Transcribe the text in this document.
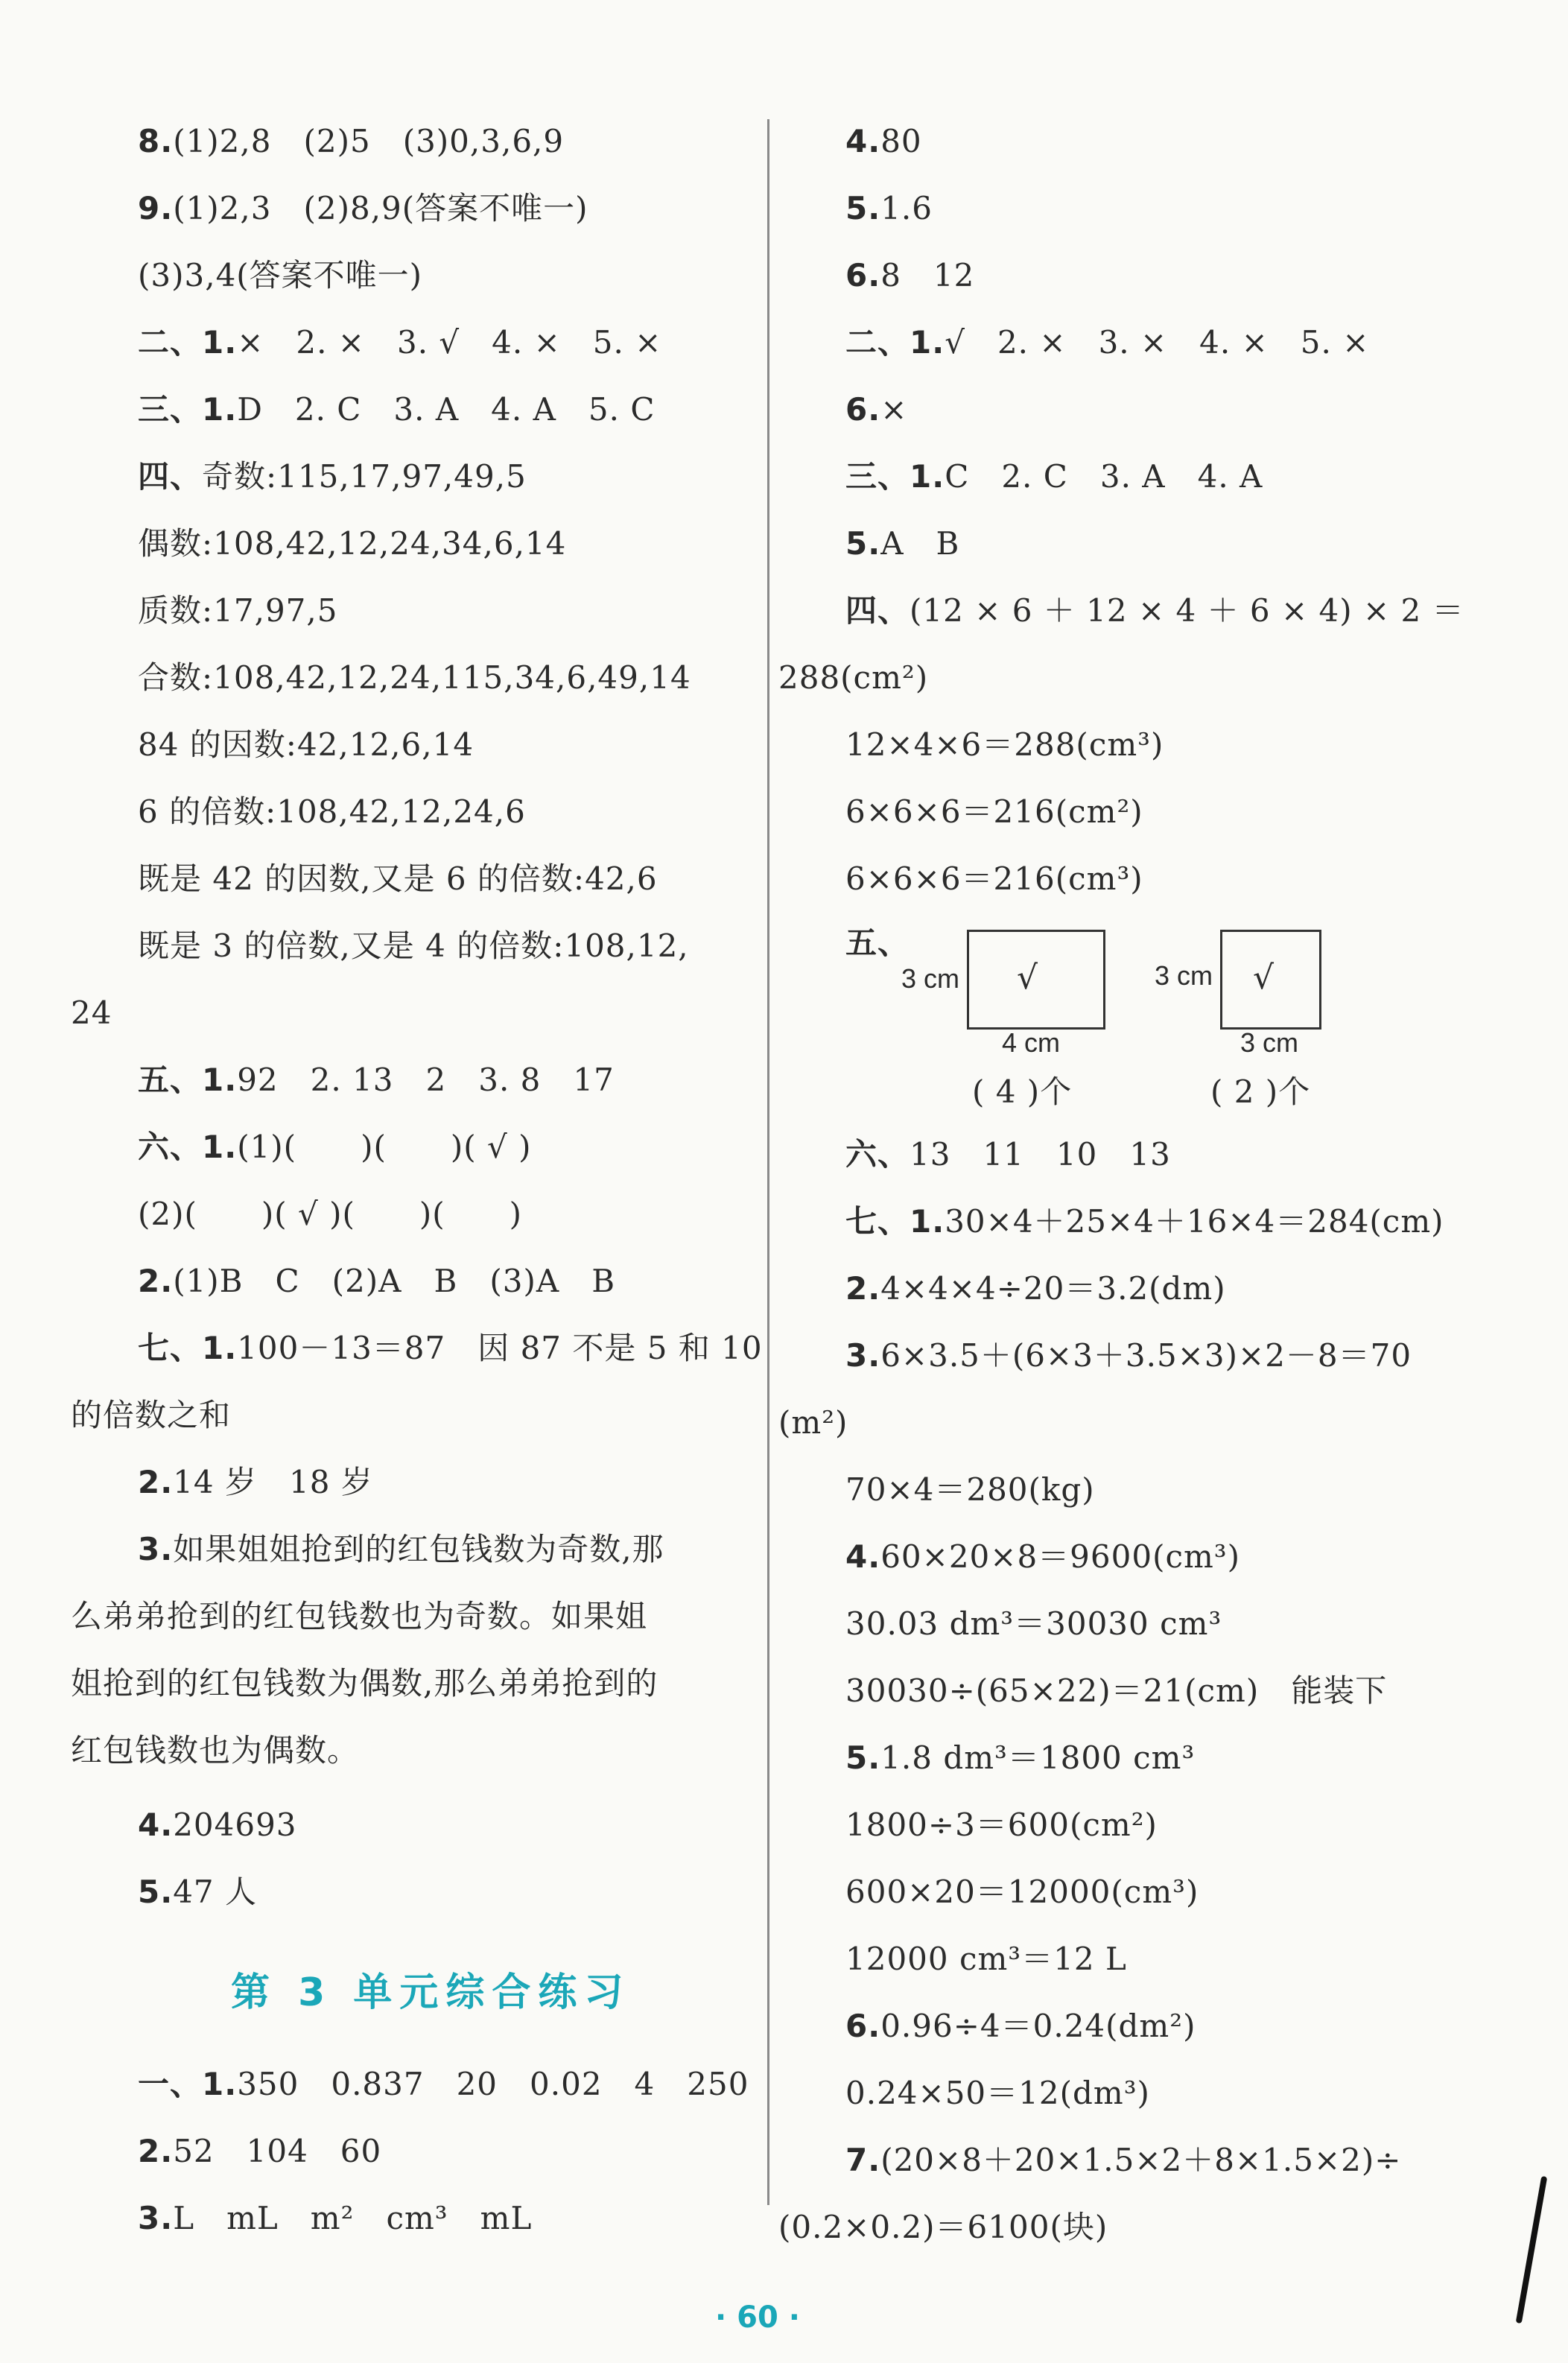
8.(1)2,8　(2)5　(3)0,3,6,9
9.(1)2,3　(2)8,9(答案不唯一)
(3)3,4(答案不唯一)
二、1.×　2. ×　3. √　4. ×　5. ×
三、1.D　2. C　3. A　4. A　5. C
四、奇数:115,17,97,49,5
偶数:108,42,12,24,34,6,14
质数:17,97,5
合数:108,42,12,24,115,34,6,49,14
84 的因数:42,12,6,14
6 的倍数:108,42,12,24,6
既是 42 的因数,又是 6 的倍数:42,6
既是 3 的倍数,又是 4 的倍数:108,12,
24
五、1.92　2. 13　2　3. 8　17
六、1.(1)(　　)(　　)( √ )
(2)(　　)( √ )(　　)(　　)
2.(1)B　C　(2)A　B　(3)A　B
七、1.100－13＝87　因 87 不是 5 和 10
的倍数之和
2.14 岁　18 岁
3.如果姐姐抢到的红包钱数为奇数,那
么弟弟抢到的红包钱数也为奇数。如果姐
姐抢到的红包钱数为偶数,那么弟弟抢到的
红包钱数也为偶数。
4.204693
5.47 人
第 3 单元综合练习
一、1.350　0.837　20　0.02　4　250
2.52　104　60
3.L　mL　m²　cm³　mL
4.80
5.1.6
6.8　12
二、1.√　2. ×　3. ×　4. ×　5. ×
6.×
三、1.C　2. C　3. A　4. A
5.A　B
四、(12 × 6 ＋ 12 × 4 ＋ 6 × 4) × 2 ＝
288(cm²)
12×4×6＝288(cm³)
6×6×6＝216(cm²)
6×6×6＝216(cm³)
五、
3 cm √
4 cm
( 4 )个
3 cm √
3 cm
( 2 )个
六、13　11　10　13
七、1.30×4＋25×4＋16×4＝284(cm)
2.4×4×4÷20＝3.2(dm)
3.6×3.5＋(6×3＋3.5×3)×2－8＝70
(m²)
70×4＝280(kg)
4.60×20×8＝9600(cm³)
30.03 dm³＝30030 cm³
30030÷(65×22)＝21(cm)　能装下
5.1.8 dm³＝1800 cm³
1800÷3＝600(cm²)
600×20＝12000(cm³)
12000 cm³＝12 L
6.0.96÷4＝0.24(dm²)
0.24×50＝12(dm³)
7.(20×8＋20×1.5×2＋8×1.5×2)÷
(0.2×0.2)＝6100(块)
· 60 ·
